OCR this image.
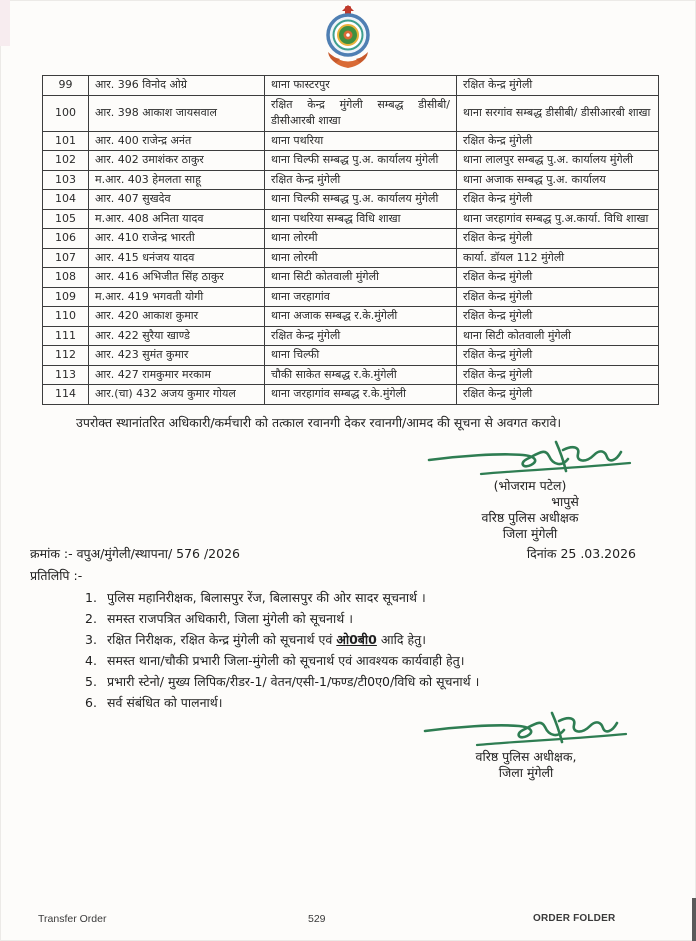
99	आर. 396 विनोद ओग्रे	थाना फास्टरपुर	रक्षित केन्द्र मुंगेली
100	आर. 398 आकाश जायसवाल	रक्षित केन्द्र मुंगेली सम्बद्ध डीसीबी/ डीसीआरबी शाखा	थाना सरगांव सम्बद्ध डीसीबी/ डीसीआरबी शाखा
101	आर. 400 राजेन्द्र अनंत	थाना पथरिया	रक्षित केन्द्र मुंगेली
102	आर. 402 उमाशंकर ठाकुर	थाना चिल्फी सम्बद्ध पु.अ. कार्यालय मुंगेली	थाना लालपुर सम्बद्ध पु.अ. कार्यालय मुंगेली
103	म.आर. 403 हेमलता साहू	रक्षित केन्द्र मुंगेली	थाना अजाक सम्बद्ध पु.अ. कार्यालय
104	आर. 407 सुखदेव	थाना चिल्फी सम्बद्ध पु.अ. कार्यालय मुंगेली	रक्षित केन्द्र मुंगेली
105	म.आर. 408 अनिता यादव	थाना पथरिया सम्बद्ध विधि शाखा	थाना जरहागांव सम्बद्ध पु.अ.कार्या. विधि शाखा
106	आर. 410 राजेन्द्र भारती	थाना लोरमी	रक्षित केन्द्र मुंगेली
107	आर. 415 धनंजय यादव	थाना लोरमी	कार्या. डॉयल 112 मुंगेली
108	आर. 416 अभिजीत सिंह ठाकुर	थाना सिटी कोतवाली मुंगेली	रक्षित केन्द्र मुंगेली
109	म.आर. 419 भगवती योगी	थाना जरहागांव	रक्षित केन्द्र मुंगेली
110	आर. 420 आकाश कुमार	थाना अजाक सम्बद्ध र.के.मुंगेली	रक्षित केन्द्र मुंगेली
111	आर. 422 सुरैया खाण्डे	रक्षित केन्द्र मुंगेली	थाना सिटी कोतवाली मुंगेली
112	आर. 423 सुमंत कुमार	थाना चिल्फी	रक्षित केन्द्र मुंगेली
113	आर. 427 रामकुमार मरकाम	चौकी साकेत सम्बद्ध र.के.मुंगेली	रक्षित केन्द्र मुंगेली
114	आर.(चा) 432 अजय कुमार गोयल	थाना जरहागांव सम्बद्ध र.के.मुंगेली	रक्षित केन्द्र मुंगेली

उपरोक्त स्थानांतरित अधिकारी/कर्मचारी को तत्काल रवानगी देकर रवानगी/आमद की सूचना से अवगत करावे।

(भोजराम पटेल)
भापुसे
वरिष्ठ पुलिस अधीक्षक
जिला मुंगेली
क्रमांक :- वपुअ/मुंगेली/स्थापना/ 576 /2026	दिनांक 25 .03.2026
प्रतिलिपि :-
1. पुलिस महानिरीक्षक, बिलासपुर रेंज, बिलासपुर की ओर सादर सूचनार्थ ।
2. समस्त राजपत्रित अधिकारी, जिला मुंगेली को सूचनार्थ ।
3. रक्षित निरीक्षक, रक्षित केन्द्र मुंगेली को सूचनार्थ एवं ओ0बी0 आदि हेतु।
4. समस्त थाना/चौकी प्रभारी जिला-मुंगेली को सूचनार्थ एवं आवश्यक कार्यवाही हेतु।
5. प्रभारी स्टेनो/ मुख्य लिपिक/रीडर-1/ वेतन/एसी-1/फण्ड/टी0ए0/विधि को सूचनार्थ ।
6. सर्व संबंधित को पालनार्थ।
वरिष्ठ पुलिस अधीक्षक,
जिला मुंगेली
Transfer Order	529	ORDER FOLDER
